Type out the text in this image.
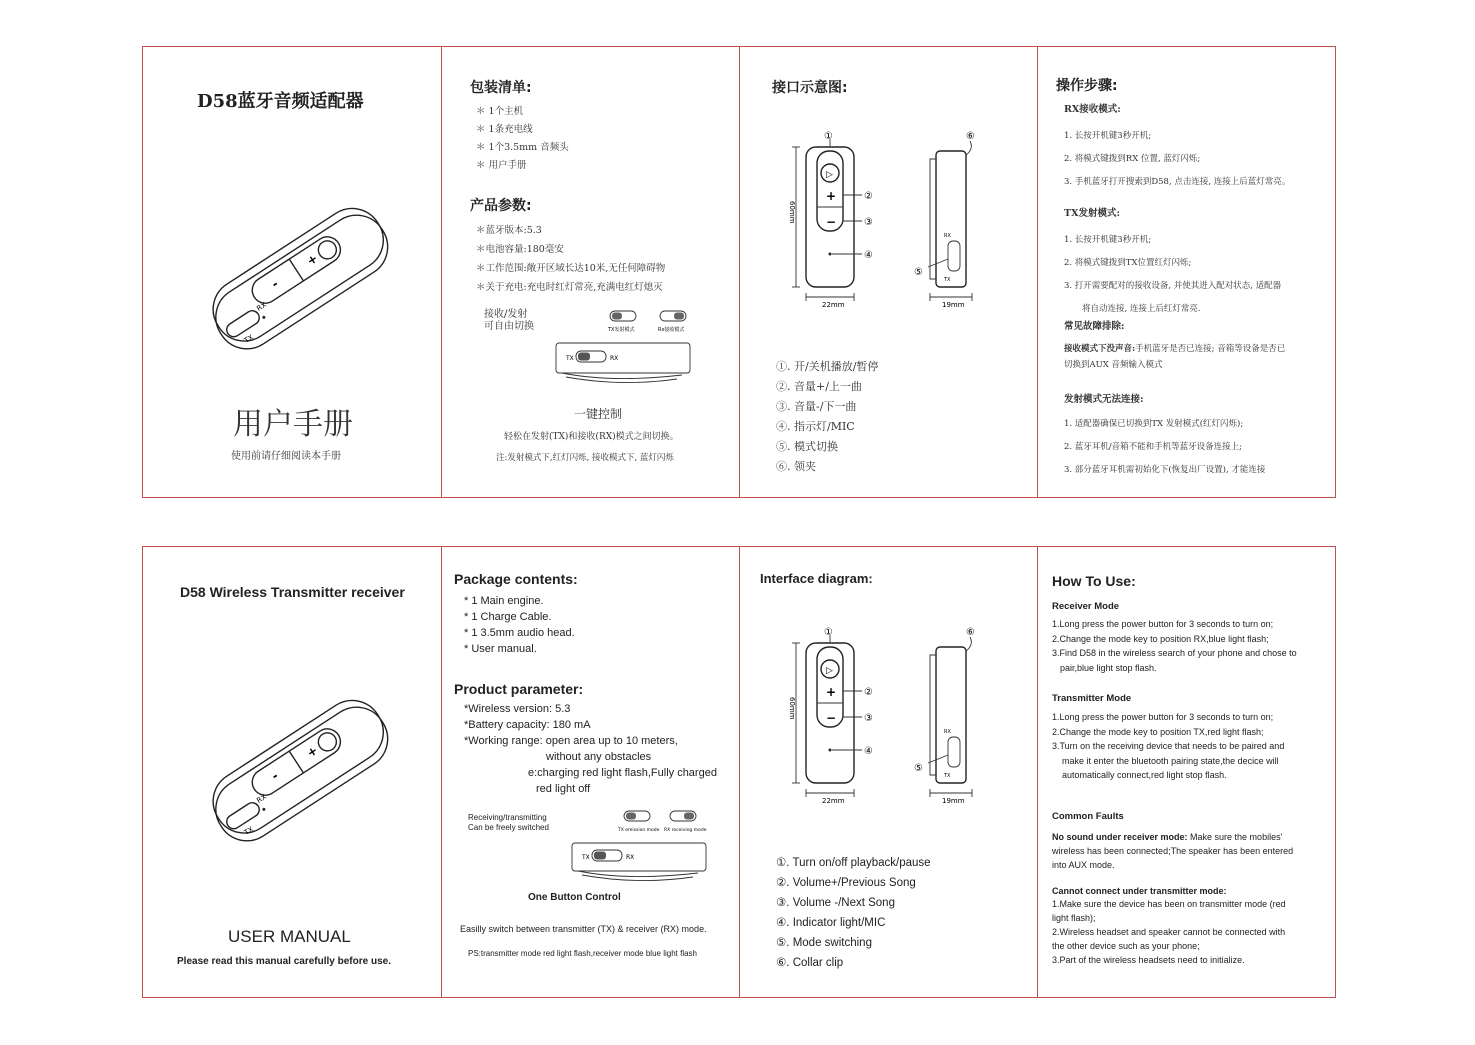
D58蓝牙音频适配器
+
-
TX
RX
用户手册
使用前请仔细阅读本手册
包装清单:
＊ 1个主机
＊ 1条充电线
＊ 1个3.5mm 音频头
＊ 用户手册
产品参数:
＊蓝牙版本:5.3
＊电池容量:180毫安
＊工作范围:敞开区域长达10米,无任何障碍物
＊关于充电:充电时红灯常亮,充满电红灯熄灭
接收/发射
可自由切换	TX发射模式	Rx接收模式
TX	RX
一键控制
轻松在发射(TX)和接收(RX)模式之间切换。
注:发射模式下,红灯闪烁, 接收模式下, 蓝灯闪烁
接口示意图:
60mm
▷
+
−
①
②
③
④
22mm
⑥
RX
TX
⑤
19mm
①. 开/关机播放/暂停
②. 音量+/上一曲
③. 音量-/下一曲
④. 指示灯/MIC
⑤. 模式切换
⑥. 领夹
操作步骤:
RX接收模式:
1. 长按开机键3秒开机;
2. 将模式键拨到RX 位置, 蓝灯闪烁;
3. 手机蓝牙打开搜索到D58, 点击连接, 连接上后蓝灯常亮。
TX发射模式:
1. 长按开机键3秒开机;
2. 将模式键拨到TX位置红灯闪烁;
3. 打开需要配对的接收设备, 并使其进入配对状态, 适配器
将自动连接, 连接上后红灯常亮.
常见故障排除:
接收模式下没声音:手机蓝牙是否已连接; 音箱等设备是否已
切换到AUX 音频输入模式
发射模式无法连接:
1. 适配器确保已切换到TX 发射模式(红灯闪烁);
2. 蓝牙耳机/音箱不能和手机等蓝牙设备连接上;
3. 部分蓝牙耳机需初始化下(恢复出厂设置), 才能连接
D58 Wireless Transmitter receiver
+
-
TX
RX
USER MANUAL
Please read this manual carefully before use.
Package contents:
* 1 Main engine.
* 1 Charge Cable.
* 1 3.5mm audio head.
* User manual.
Product parameter:
*Wireless version: 5.3
*Battery capacity: 180 mA
*Working range: open area up to 10 meters,
without any obstacles
e:charging red light flash,Fully charged
red light off
Receiving/transmitting
Can be freely switched	TX emission mode RX receiving mode
TX	RX
One Button Control
Easilly switch between transmitter (TX) & receiver (RX) mode.
PS:transmitter mode red light flash,receiver mode blue light flash
Interface diagram:
60mm
▷
+
−
①
②
③
④
22mm
⑥
RX
TX
⑤
19mm
①. Turn on/off playback/pause
②. Volume+/Previous Song
③. Volume -/Next Song
④. Indicator light/MIC
⑤. Mode switching
⑥. Collar clip
How To Use:
Receiver Mode
1.Long press the power button for 3 seconds to turn on;
2.Change the mode key to position RX,blue light flash;
3.Find D58 in the wireless search of your phone and chose to
pair,blue light stop flash.
Transmitter Mode
1.Long press the power button for 3 seconds to turn on;
2.Change the mode key to position TX,red light flash;
3.Turn on the receiving device that needs to be paired and
make it enter the bluetooth pairing state,the decice will
automatically connect,red light stop flash.
Common Faults
No sound under receiver mode: Make sure the mobiles'
wireless has been connected;The speaker has been entered
into AUX mode.
Cannot connect under transmitter mode:
1.Make sure the device has been on transmitter mode (red
light flash);
2.Wireless headset and speaker cannot be connected with
the other device such as your phone;
3.Part of the wireless headsets need to initialize.
